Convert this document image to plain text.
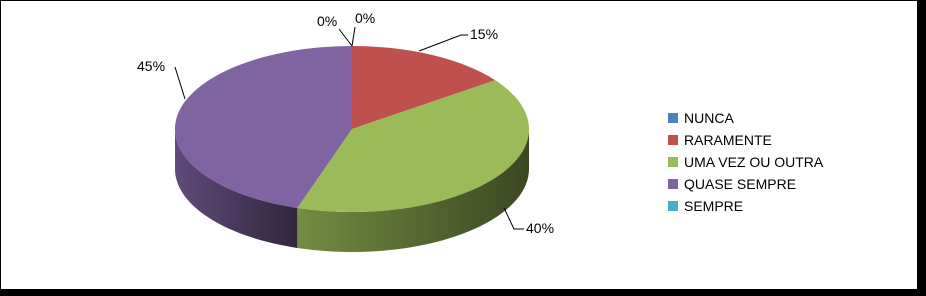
0% 0%
15%
45%
40%
NUNCA
RARAMENTE
UMA VEZ OU OUTRA
QUASE SEMPRE
SEMPRE
